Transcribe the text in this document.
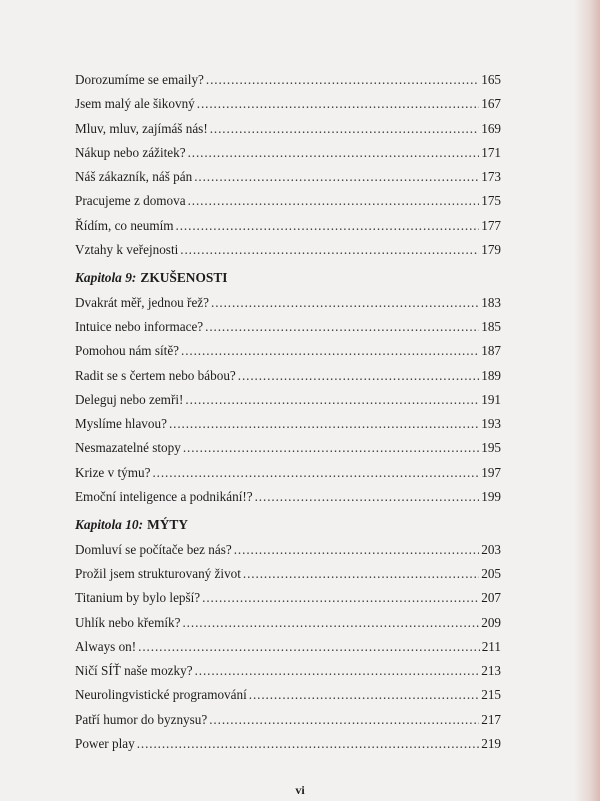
Dorozumíme se emaily? . . .	165
Jsem malý ale šikovný . . .	167
Mluv, mluv, zajímáš nás! . . .	169
Nákup nebo zážitek? . . .	171
Náš zákazník, náš pán . . .	173
Pracujeme z domova . . .	175
Řídím, co neumím . . .	177
Vztahy k veřejnosti . . .	179
Kapitola 9: ZKUŠENOSTI
Dvakrát měř, jednou řež? . . .	183
Intuice nebo informace? . . .	185
Pomohou nám sítě? . . .	187
Radit se s čertem nebo bábou? . . .	189
Deleguj nebo zemři! . . .	191
Myslíme hlavou? . . .	193
Nesmazatelné stopy . . .	195
Krize v týmu? . . .	197
Emoční inteligence a podnikání!? . . .	199
Kapitola 10: MÝTY
Domluví se počítače bez nás? . . .	203
Prožil jsem strukturovaný život . . .	205
Titanium by bylo lepší? . . .	207
Uhlík nebo křemík? . . .	209
Always on! . . .	211
Ničí SÍŤ naše mozky? . . .	213
Neurolingvistické programování . . .	215
Patří humor do byznysu? . . .	217
Power play . . .	219
vi
